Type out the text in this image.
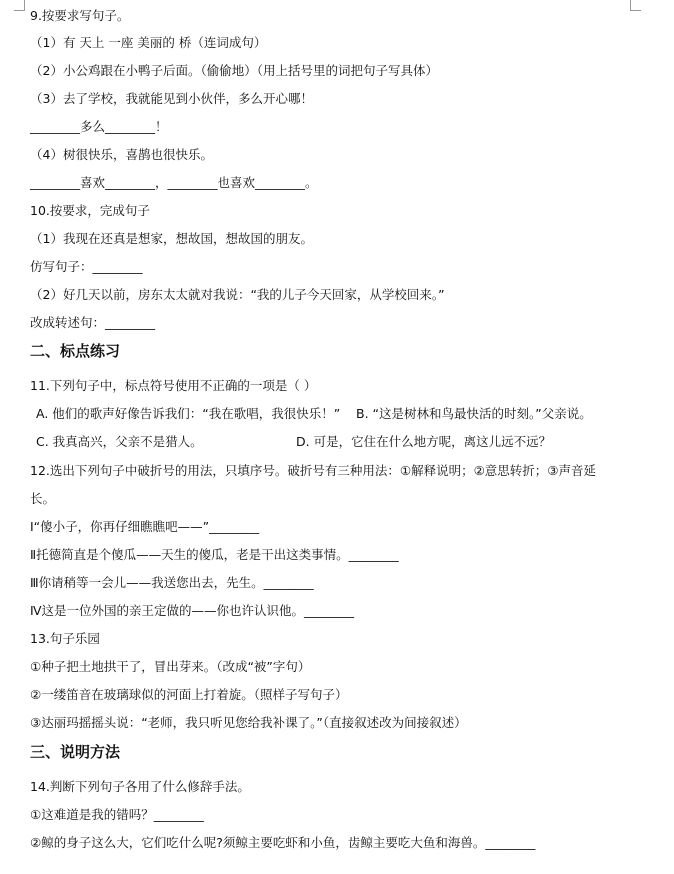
9.按要求写句子。
（1）有 天上 一座 美丽的 桥（连词成句）
（2）小公鸡跟在小鸭子后面。（偷偷地）（用上括号里的词把句子写具体）
（3）去了学校，我就能见到小伙伴，多么开心哪！
________多么________！
（4）树很快乐，喜鹊也很快乐。
________喜欢________，________也喜欢________。
10.按要求，完成句子
（1）我现在还真是想家，想故国，想故国的朋友。
仿写句子：________
（2）好几天以前，房东太太就对我说：“我的儿子今天回家，从学校回来。”
改成转述句：________
二、标点练习
11.下列句子中，标点符号使用不正确的一项是（ ）
A. 他们的歌声好像告诉我们：“我在歌唱，我很快乐！” B. “这是树林和鸟最快活的时刻。”父亲说。
C. 我真高兴，父亲不是猎人。	D. 可是，它住在什么地方呢，离这儿远不远？
12.选出下列句子中破折号的用法，只填序号。破折号有三种用法：①解释说明；②意思转折；③声音延
长。
Ⅰ“傻小子，你再仔细瞧瞧吧——”________
Ⅱ托德简直是个傻瓜——天生的傻瓜，老是干出这类事情。________
Ⅲ你请稍等一会儿——我送您出去，先生。________
Ⅳ这是一位外国的亲王定做的——你也许认识他。________
13.句子乐园
①种子把土地拱干了，冒出芽来。（改成“被”字句）
②一缕笛音在玻璃球似的河面上打着旋。（照样子写句子）
③达丽玛摇摇头说：“老师，我只听见您给我补课了。”（直接叙述改为间接叙述）
三、说明方法
14.判断下列句子各用了什么修辞手法。
①这难道是我的错吗？________
②鲸的身子这么大，它们吃什么呢?须鲸主要吃虾和小鱼，齿鲸主要吃大鱼和海兽。________
